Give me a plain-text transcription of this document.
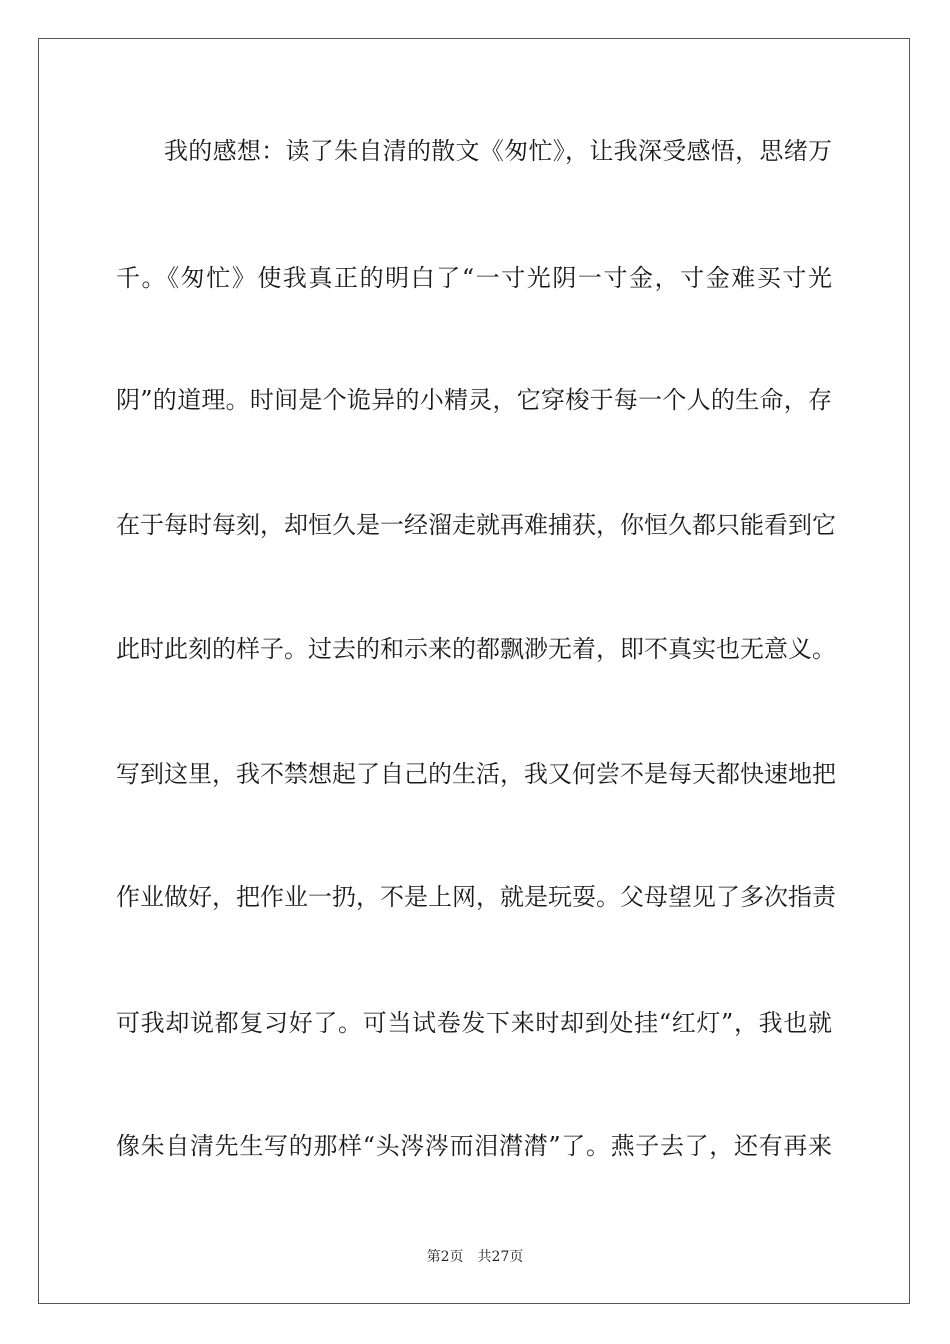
我的感想：读了朱自清的散文《匆忙》，让我深受感悟，思绪万
千。《匆忙》使我真正的明白了“一寸光阴一寸金，寸金难买寸光
阴”的道理。时间是个诡异的小精灵，它穿梭于每一个人的生命，存
在于每时每刻，却恒久是一经溜走就再难捕获，你恒久都只能看到它
此时此刻的样子。过去的和示来的都飘渺无着，即不真实也无意义。
写到这里，我不禁想起了自己的生活，我又何尝不是每天都快速地把
作业做好，把作业一扔，不是上网，就是玩耍。父母望见了多次指责
可我却说都复习好了。可当试卷发下来时却到处挂“红灯”，我也就
像朱自清先生写的那样“头涔涔而泪潸潸”了。燕子去了，还有再来
第2页 共27页
